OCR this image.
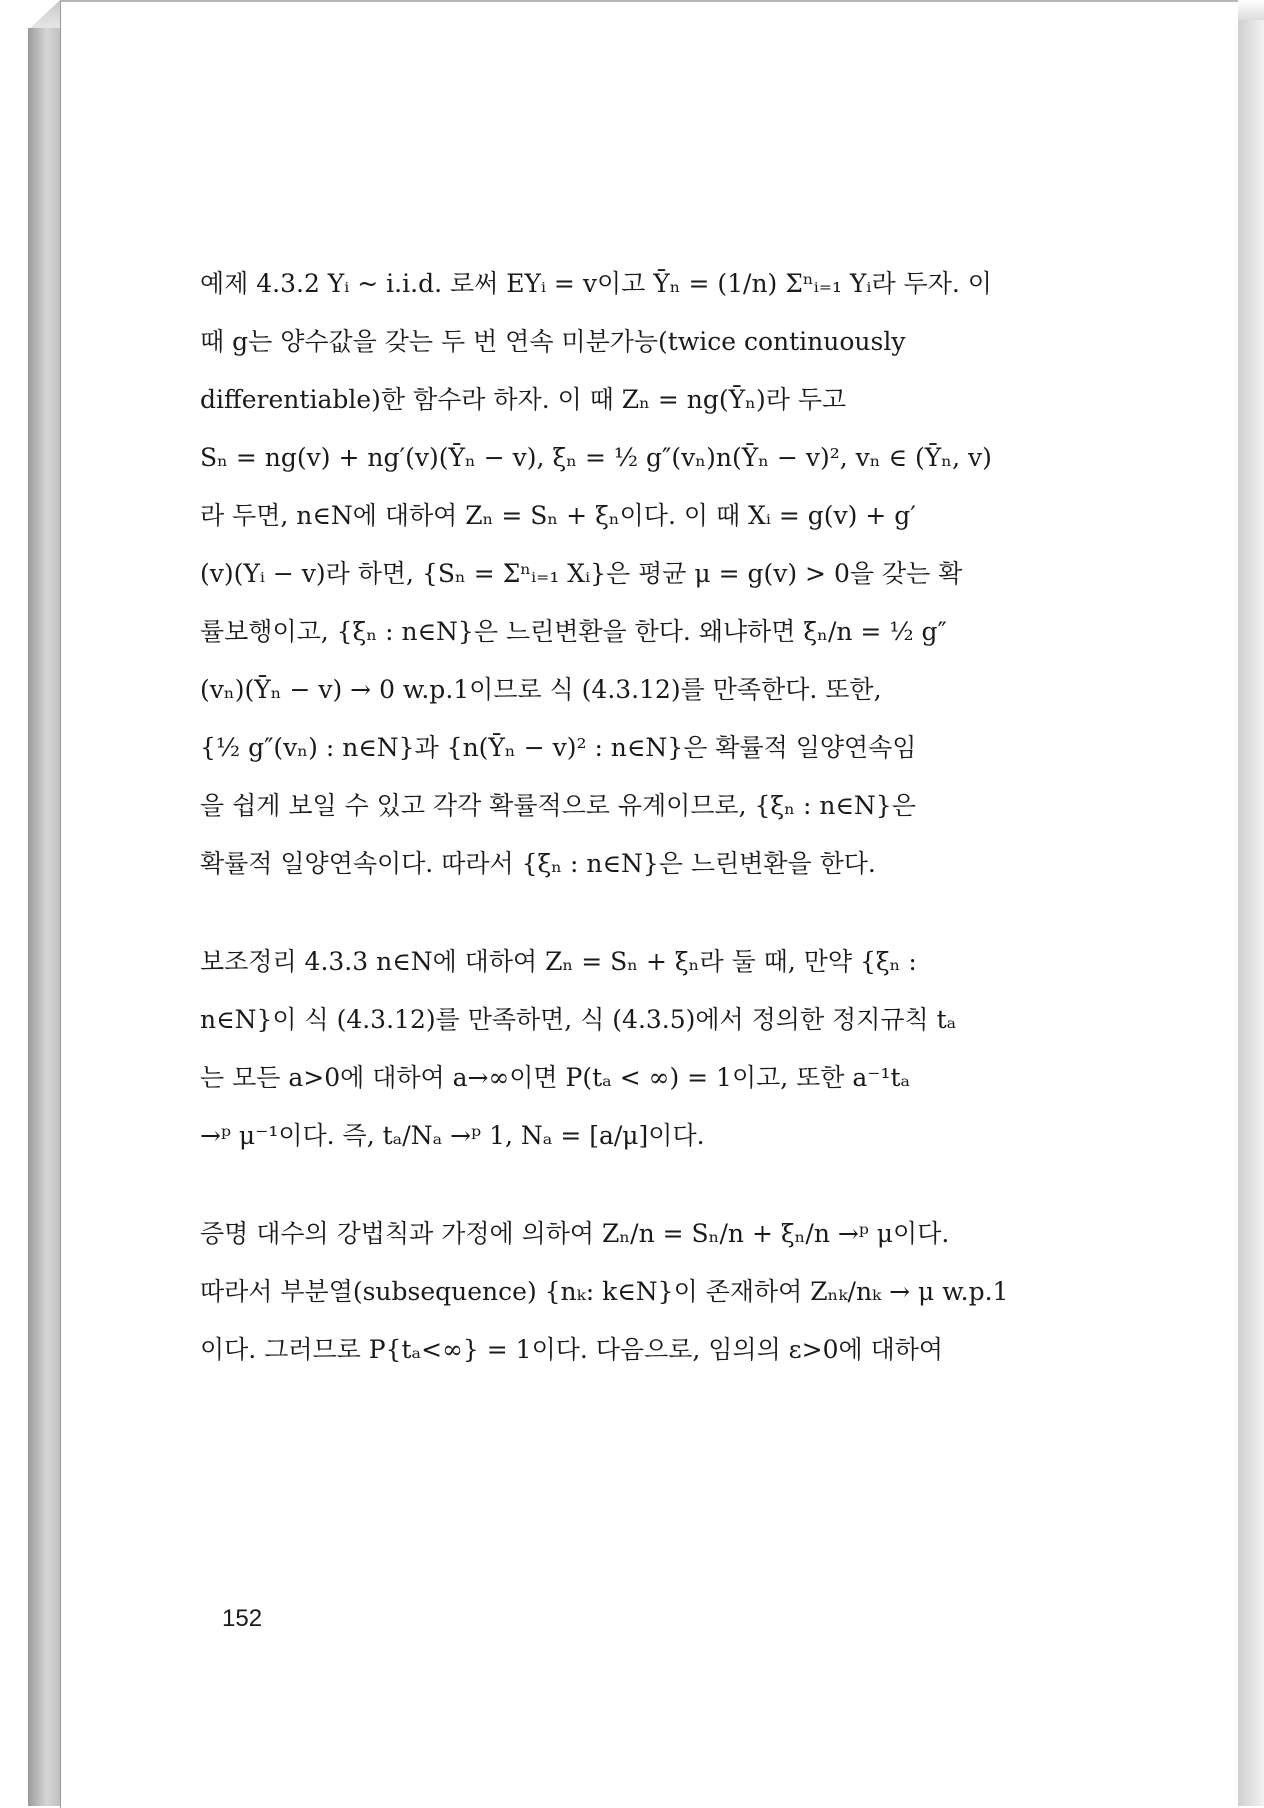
예제 4.3.2 Yᵢ ~ i.i.d. 로써 EYᵢ = v이고 Ȳₙ = (1/n) Σⁿᵢ₌₁ Yᵢ라 두자. 이
때 g는 양수값을 갖는 두 번 연속 미분가능(twice continuously
differentiable)한 함수라 하자. 이 때 Zₙ = ng(Ȳₙ)라 두고
Sₙ = ng(v) + ng′(v)(Ȳₙ − v), ξₙ = ½ g″(vₙ)n(Ȳₙ − v)², vₙ ∈ (Ȳₙ, v)
라 두면, n∈N에 대하여 Zₙ = Sₙ + ξₙ이다. 이 때 Xᵢ = g(v) + g′
(v)(Yᵢ − v)라 하면, {Sₙ = Σⁿᵢ₌₁ Xᵢ}은 평균 μ = g(v) > 0을 갖는 확
률보행이고, {ξₙ : n∈N}은 느린변환을 한다. 왜냐하면 ξₙ/n = ½ g″
(vₙ)(Ȳₙ − v) → 0 w.p.1이므로 식 (4.3.12)를 만족한다. 또한,
{½ g″(vₙ) : n∈N}과 {n(Ȳₙ − v)² : n∈N}은 확률적 일양연속임
을 쉽게 보일 수 있고 각각 확률적으로 유계이므로, {ξₙ : n∈N}은
확률적 일양연속이다. 따라서 {ξₙ : n∈N}은 느린변환을 한다.
보조정리 4.3.3 n∈N에 대하여 Zₙ = Sₙ + ξₙ라 둘 때, 만약 {ξₙ :
n∈N}이 식 (4.3.12)를 만족하면, 식 (4.3.5)에서 정의한 정지규칙 tₐ
는 모든 a>0에 대하여 a→∞이면 P(tₐ < ∞) = 1이고, 또한 a⁻¹tₐ
→ᵖ μ⁻¹이다. 즉, tₐ/Nₐ →ᵖ 1, Nₐ = [a/μ]이다.
증명 대수의 강법칙과 가정에 의하여 Zₙ/n = Sₙ/n + ξₙ/n →ᵖ μ이다.
따라서 부분열(subsequence) {nₖ: k∈N}이 존재하여 Zₙₖ/nₖ → μ w.p.1
이다. 그러므로 P{tₐ<∞} = 1이다. 다음으로, 임의의 ε>0에 대하여
152
